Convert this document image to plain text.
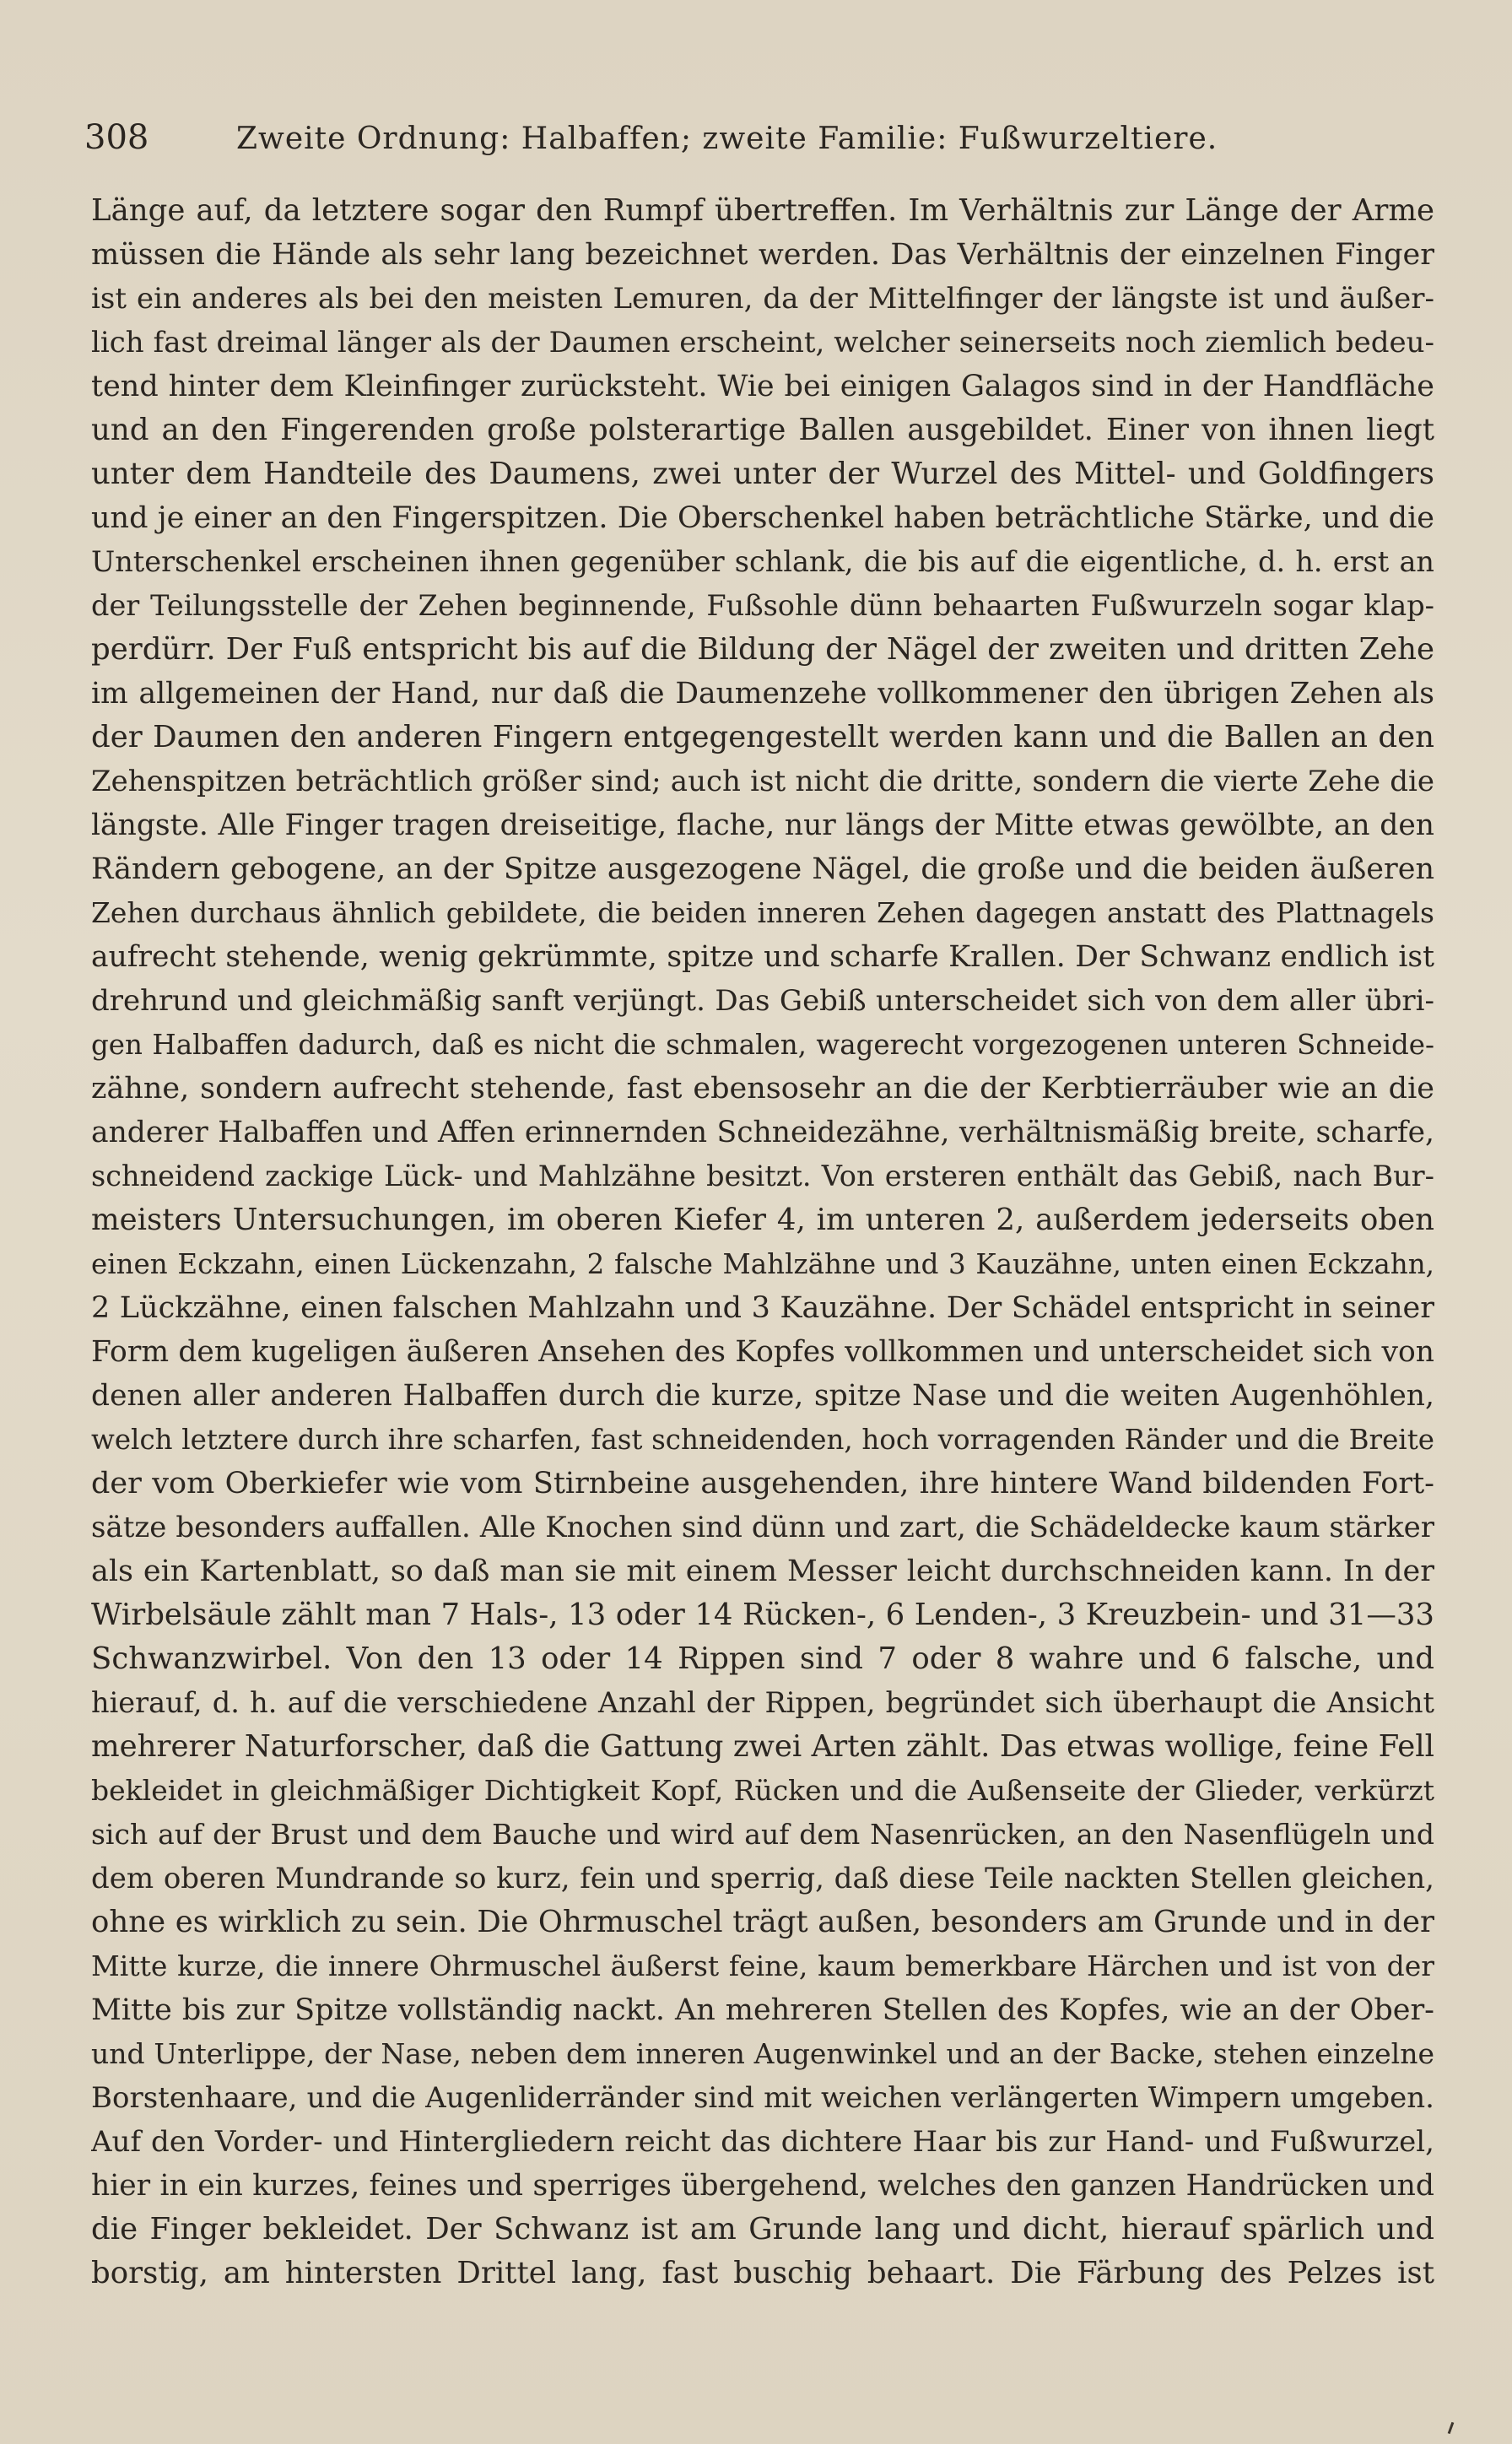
308	Zweite Ordnung: Halbaffen; zweite Familie: Fußwurzeltiere.
Länge auf, da letztere sogar den Rumpf übertreffen. Im Verhältnis zur Länge der Arme
müssen die Hände als sehr lang bezeichnet werden. Das Verhältnis der einzelnen Finger
ist ein anderes als bei den meisten Lemuren, da der Mittelfinger der längste ist und äußer-
lich fast dreimal länger als der Daumen erscheint, welcher seinerseits noch ziemlich bedeu-
tend hinter dem Kleinfinger zurücksteht. Wie bei einigen Galagos sind in der Handfläche
und an den Fingerenden große polsterartige Ballen ausgebildet. Einer von ihnen liegt
unter dem Handteile des Daumens, zwei unter der Wurzel des Mittel- und Goldfingers
und je einer an den Fingerspitzen. Die Oberschenkel haben beträchtliche Stärke, und die
Unterschenkel erscheinen ihnen gegenüber schlank, die bis auf die eigentliche, d. h. erst an
der Teilungsstelle der Zehen beginnende, Fußsohle dünn behaarten Fußwurzeln sogar klap-
perdürr. Der Fuß entspricht bis auf die Bildung der Nägel der zweiten und dritten Zehe
im allgemeinen der Hand, nur daß die Daumenzehe vollkommener den übrigen Zehen als
der Daumen den anderen Fingern entgegengestellt werden kann und die Ballen an den
Zehenspitzen beträchtlich größer sind; auch ist nicht die dritte, sondern die vierte Zehe die
längste. Alle Finger tragen dreiseitige, flache, nur längs der Mitte etwas gewölbte, an den
Rändern gebogene, an der Spitze ausgezogene Nägel, die große und die beiden äußeren
Zehen durchaus ähnlich gebildete, die beiden inneren Zehen dagegen anstatt des Plattnagels
aufrecht stehende, wenig gekrümmte, spitze und scharfe Krallen. Der Schwanz endlich ist
drehrund und gleichmäßig sanft verjüngt. Das Gebiß unterscheidet sich von dem aller übri-
gen Halbaffen dadurch, daß es nicht die schmalen, wagerecht vorgezogenen unteren Schneide-
zähne, sondern aufrecht stehende, fast ebensosehr an die der Kerbtierräuber wie an die
anderer Halbaffen und Affen erinnernden Schneidezähne, verhältnismäßig breite, scharfe,
schneidend zackige Lück- und Mahlzähne besitzt. Von ersteren enthält das Gebiß, nach Bur-
meisters Untersuchungen, im oberen Kiefer 4, im unteren 2, außerdem jederseits oben
einen Eckzahn, einen Lückenzahn, 2 falsche Mahlzähne und 3 Kauzähne, unten einen Eckzahn,
2 Lückzähne, einen falschen Mahlzahn und 3 Kauzähne. Der Schädel entspricht in seiner
Form dem kugeligen äußeren Ansehen des Kopfes vollkommen und unterscheidet sich von
denen aller anderen Halbaffen durch die kurze, spitze Nase und die weiten Augenhöhlen,
welch letztere durch ihre scharfen, fast schneidenden, hoch vorragenden Ränder und die Breite
der vom Oberkiefer wie vom Stirnbeine ausgehenden, ihre hintere Wand bildenden Fort-
sätze besonders auffallen. Alle Knochen sind dünn und zart, die Schädeldecke kaum stärker
als ein Kartenblatt, so daß man sie mit einem Messer leicht durchschneiden kann. In der
Wirbelsäule zählt man 7 Hals-, 13 oder 14 Rücken-, 6 Lenden-, 3 Kreuzbein- und 31—33
Schwanzwirbel. Von den 13 oder 14 Rippen sind 7 oder 8 wahre und 6 falsche, und
hierauf, d. h. auf die verschiedene Anzahl der Rippen, begründet sich überhaupt die Ansicht
mehrerer Naturforscher, daß die Gattung zwei Arten zählt. Das etwas wollige, feine Fell
bekleidet in gleichmäßiger Dichtigkeit Kopf, Rücken und die Außenseite der Glieder, verkürzt
sich auf der Brust und dem Bauche und wird auf dem Nasenrücken, an den Nasenflügeln und
dem oberen Mundrande so kurz, fein und sperrig, daß diese Teile nackten Stellen gleichen,
ohne es wirklich zu sein. Die Ohrmuschel trägt außen, besonders am Grunde und in der
Mitte kurze, die innere Ohrmuschel äußerst feine, kaum bemerkbare Härchen und ist von der
Mitte bis zur Spitze vollständig nackt. An mehreren Stellen des Kopfes, wie an der Ober-
und Unterlippe, der Nase, neben dem inneren Augenwinkel und an der Backe, stehen einzelne
Borstenhaare, und die Augenliderränder sind mit weichen verlängerten Wimpern umgeben.
Auf den Vorder- und Hintergliedern reicht das dichtere Haar bis zur Hand- und Fußwurzel,
hier in ein kurzes, feines und sperriges übergehend, welches den ganzen Handrücken und
die Finger bekleidet. Der Schwanz ist am Grunde lang und dicht, hierauf spärlich und
borstig, am hintersten Drittel lang, fast buschig behaart. Die Färbung des Pelzes ist
